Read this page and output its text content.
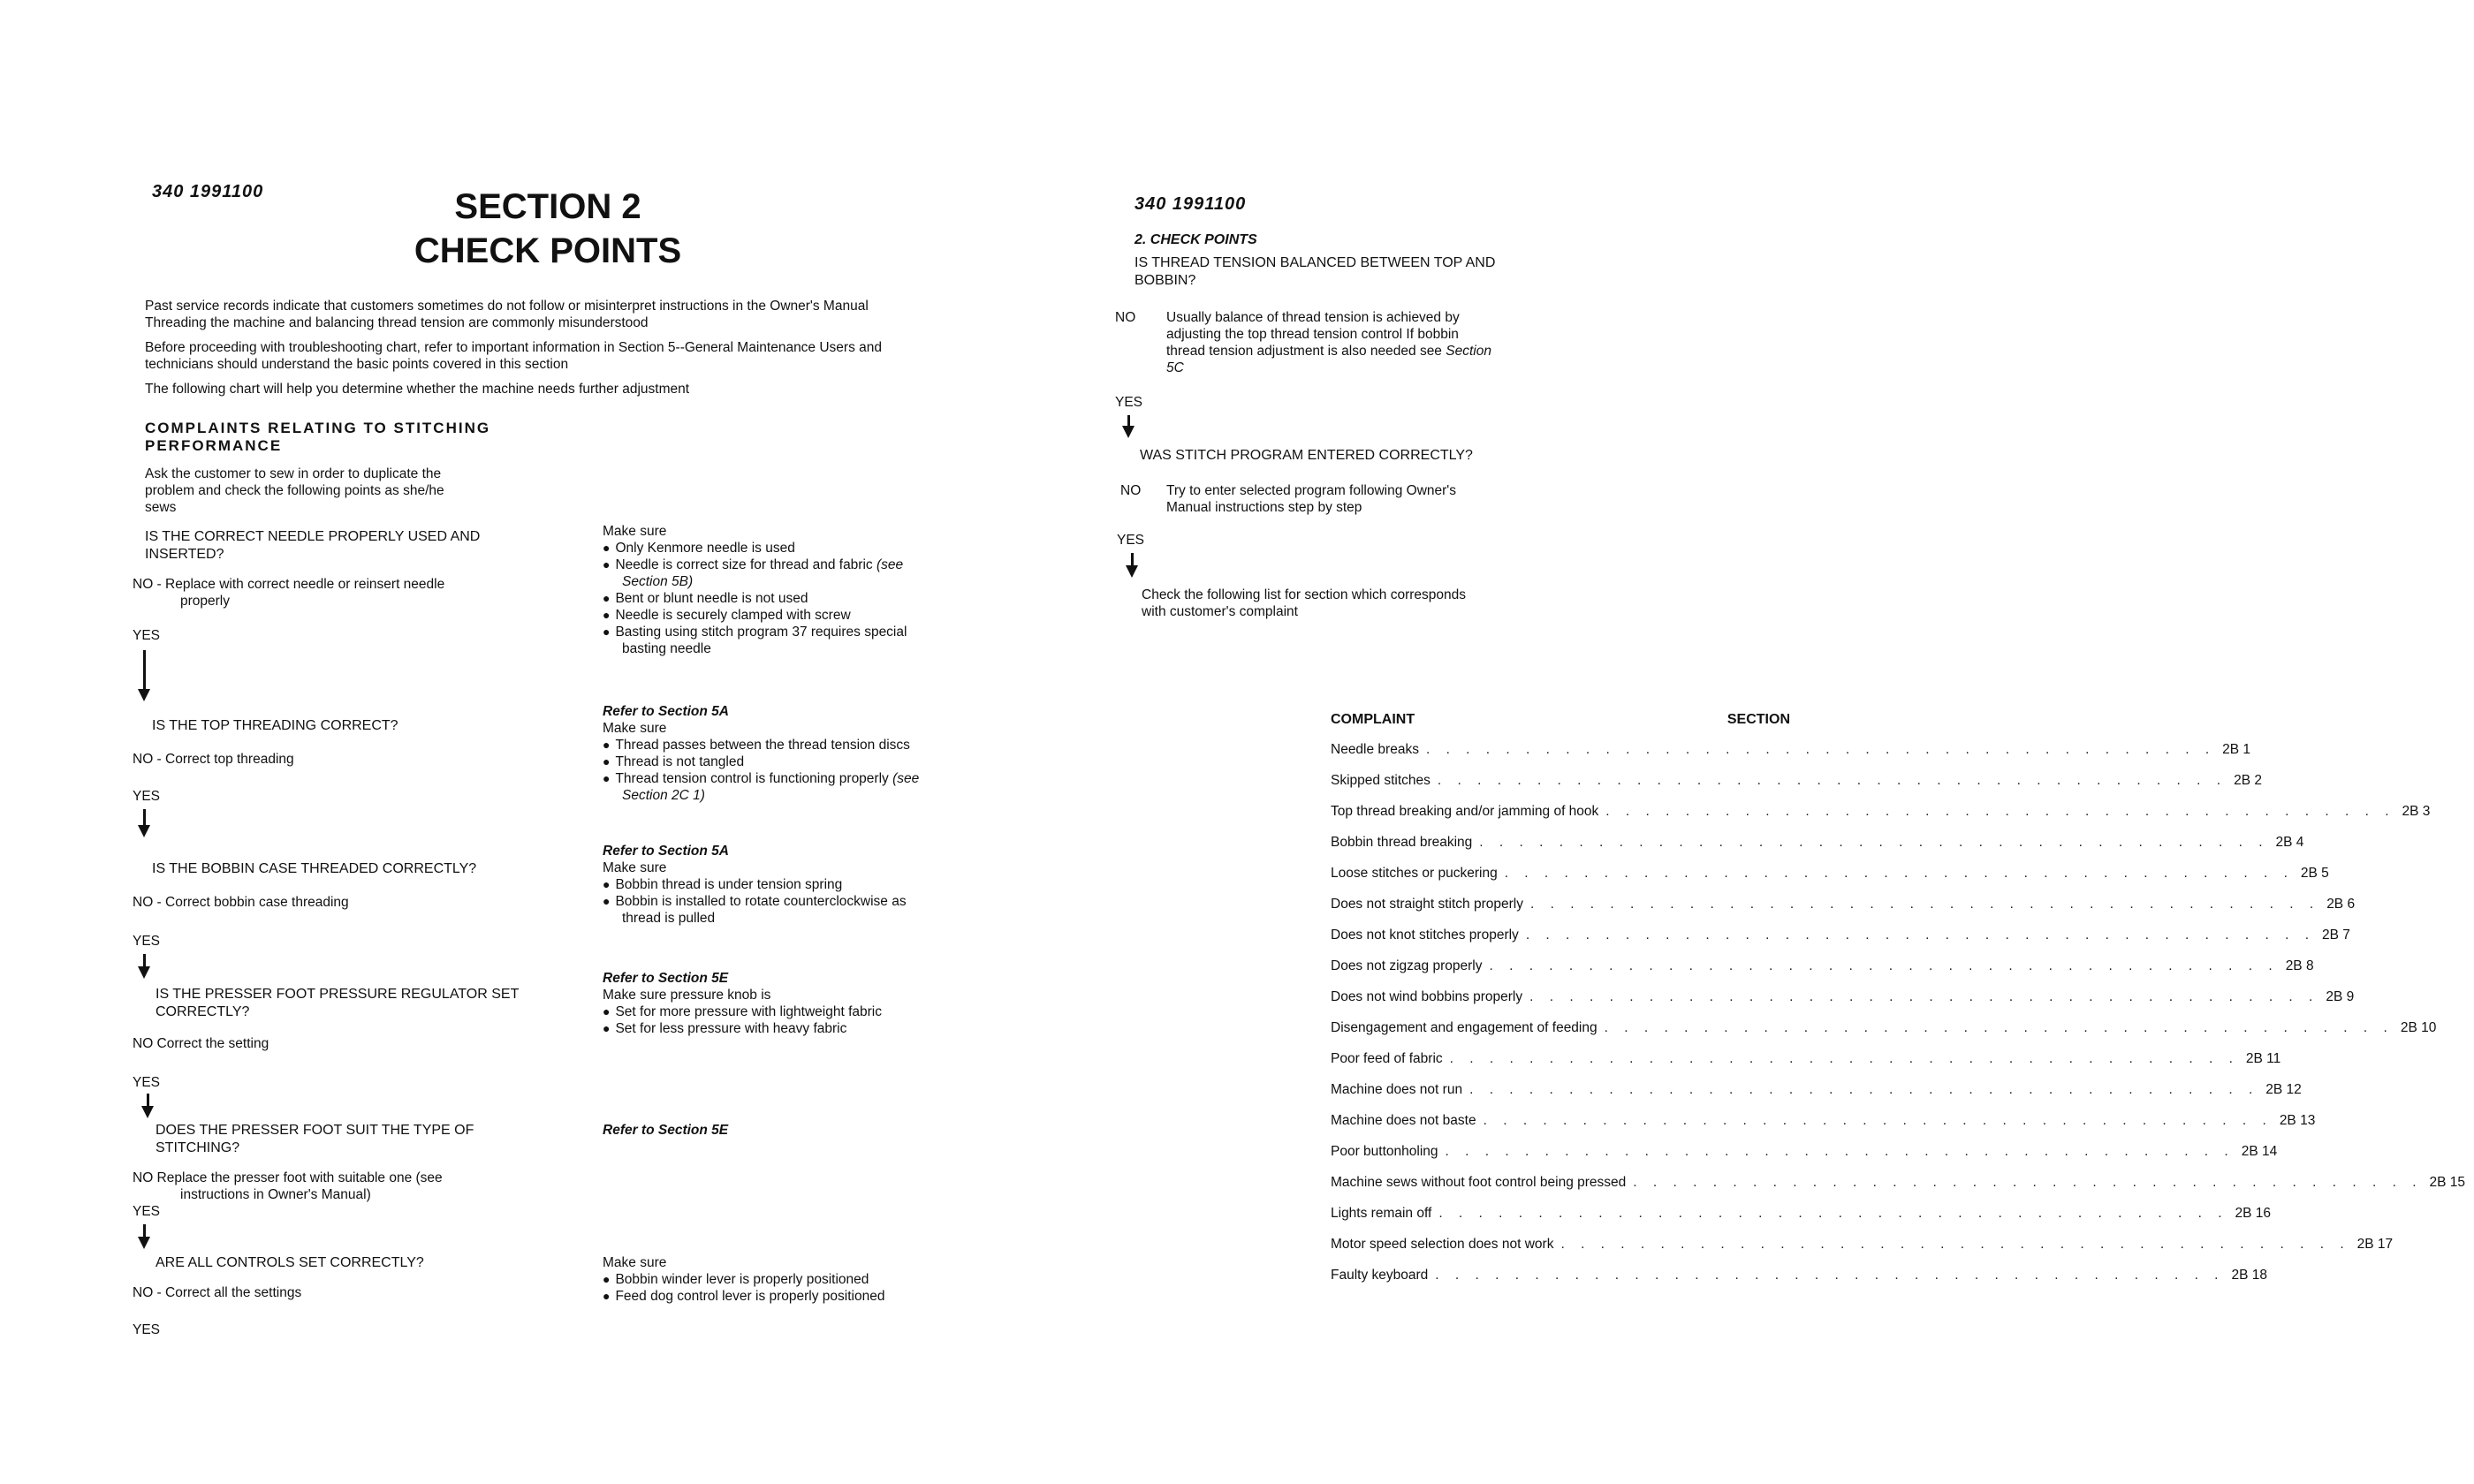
340 1991100	SECTION 2
CHECK POINTS
Past service records indicate that customers sometimes do not follow or misinterpret instructions in the Owner's Manual
Threading the machine and balancing thread tension are commonly misunderstood
Before proceeding with troubleshooting chart, refer to important information in Section 5--General Maintenance Users and
technicians should understand the basic points covered in this section
The following chart will help you determine whether the machine needs further adjustment
COMPLAINTS RELATING TO STITCHING
PERFORMANCE
Ask the customer to sew in order to duplicate the
problem and check the following points as she/he
sews
IS THE CORRECT NEEDLE PROPERLY USED AND
INSERTED?
NO - Replace with correct needle or reinsert needle
properly
YES
Make sure
● Only Kenmore needle is used
● Needle is correct size for thread and fabric (see
Section 5B)
● Bent or blunt needle is not used
● Needle is securely clamped with screw
● Basting using stitch program 37 requires special
basting needle
IS THE TOP THREADING CORRECT?
NO - Correct top threading
YES
Refer to Section 5A
Make sure
● Thread passes between the thread tension discs
● Thread is not tangled
● Thread tension control is functioning properly (see
Section 2C 1)
IS THE BOBBIN CASE THREADED CORRECTLY?
NO - Correct bobbin case threading
YES
Refer to Section 5A
Make sure
● Bobbin thread is under tension spring
● Bobbin is installed to rotate counterclockwise as
thread is pulled
IS THE PRESSER FOOT PRESSURE REGULATOR SET
CORRECTLY?
NO Correct the setting
YES
Refer to Section 5E
Make sure pressure knob is
● Set for more pressure with lightweight fabric
● Set for less pressure with heavy fabric
DOES THE PRESSER FOOT SUIT THE TYPE OF
STITCHING?
Refer to Section 5E
NO Replace the presser foot with suitable one (see
instructions in Owner's Manual)
YES
ARE ALL CONTROLS SET CORRECTLY?
NO - Correct all the settings
YES
Make sure
● Bobbin winder lever is properly positioned
● Feed dog control lever is properly positioned
340 1991100
2. CHECK POINTS
IS THREAD TENSION BALANCED BETWEEN TOP AND
BOBBIN?
NO Usually balance of thread tension is achieved by
adjusting the top thread tension control If bobbin
thread tension adjustment is also needed see Section
5C
YES
WAS STITCH PROGRAM ENTERED CORRECTLY?
NO Try to enter selected program following Owner's
Manual instructions step by step
YES
Check the following list for section which corresponds
with customer's complaint
COMPLAINT	SECTION
Needle breaks . . . . . . . . . . . . . . . . . . . . . . . . . . . . . . . . . . . . . . . . 2B 1
Skipped stitches . . . . . . . . . . . . . . . . . . . . . . . . . . . . . . . . . . . . . . . . 2B 2
Top thread breaking and/or jamming of hook . . . . . . . . . . . . . . . . . . . . . . . . . . . . . . . . . . . . . . . . 2B 3
Bobbin thread breaking . . . . . . . . . . . . . . . . . . . . . . . . . . . . . . . . . . . . . . . . 2B 4
Loose stitches or puckering . . . . . . . . . . . . . . . . . . . . . . . . . . . . . . . . . . . . . . . . 2B 5
Does not straight stitch properly . . . . . . . . . . . . . . . . . . . . . . . . . . . . . . . . . . . . . . . . 2B 6
Does not knot stitches properly . . . . . . . . . . . . . . . . . . . . . . . . . . . . . . . . . . . . . . . . 2B 7
Does not zigzag properly . . . . . . . . . . . . . . . . . . . . . . . . . . . . . . . . . . . . . . . . 2B 8
Does not wind bobbins properly . . . . . . . . . . . . . . . . . . . . . . . . . . . . . . . . . . . . . . . . 2B 9
Disengagement and engagement of feeding . . . . . . . . . . . . . . . . . . . . . . . . . . . . . . . . . . . . . . . . 2B 10
Poor feed of fabric . . . . . . . . . . . . . . . . . . . . . . . . . . . . . . . . . . . . . . . . 2B 11
Machine does not run . . . . . . . . . . . . . . . . . . . . . . . . . . . . . . . . . . . . . . . . 2B 12
Machine does not baste . . . . . . . . . . . . . . . . . . . . . . . . . . . . . . . . . . . . . . . . 2B 13
Poor buttonholing . . . . . . . . . . . . . . . . . . . . . . . . . . . . . . . . . . . . . . . . 2B 14
Machine sews without foot control being pressed . . . . . . . . . . . . . . . . . . . . . . . . . . . . . . . . . . . . . . . . 2B 15
Lights remain off . . . . . . . . . . . . . . . . . . . . . . . . . . . . . . . . . . . . . . . . 2B 16
Motor speed selection does not work . . . . . . . . . . . . . . . . . . . . . . . . . . . . . . . . . . . . . . . . 2B 17
Faulty keyboard . . . . . . . . . . . . . . . . . . . . . . . . . . . . . . . . . . . . . . . . 2B 18
